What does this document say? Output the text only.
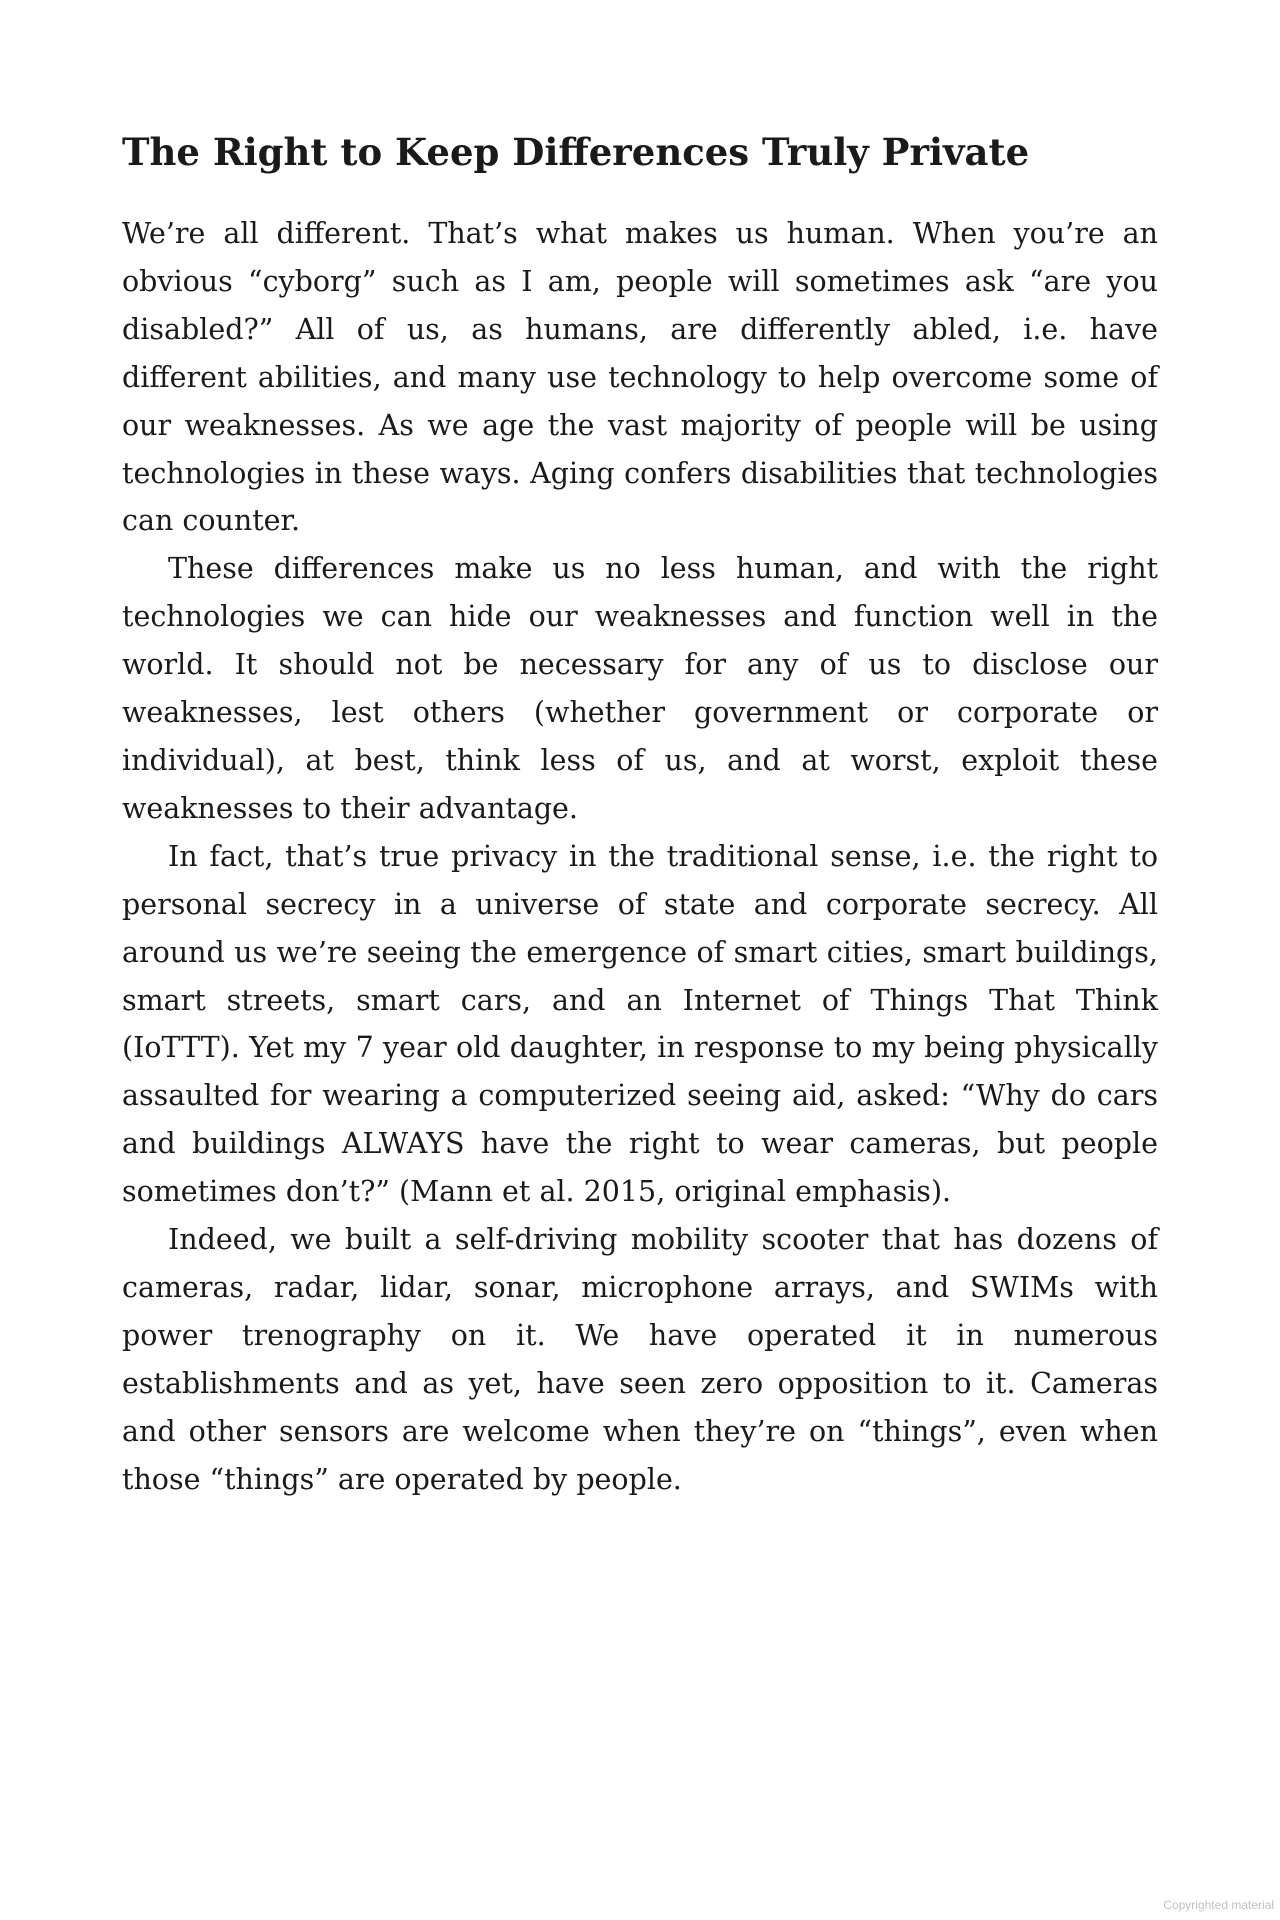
The Right to Keep Differences Truly Private

We’re all different. That’s what makes us human. When you’re an obvious “cyborg” such as I am, people will sometimes ask “are you disabled?” All of us, as humans, are differently abled, i.e. have different abilities, and many use technology to help overcome some of our weaknesses. As we age the vast majority of people will be using technologies in these ways. Aging confers disabilities that technologies can counter.

These differences make us no less human, and with the right technologies we can hide our weaknesses and function well in the world. It should not be necessary for any of us to disclose our weaknesses, lest others (whether government or corporate or individual), at best, think less of us, and at worst, exploit these weaknesses to their advantage.

In fact, that’s true privacy in the traditional sense, i.e. the right to personal secrecy in a universe of state and corporate secrecy. All around us we’re seeing the emergence of smart cities, smart buildings, smart streets, smart cars, and an Internet of Things That Think (IoTTT). Yet my 7 year old daughter, in response to my being physically assaulted for wearing a computerized seeing aid, asked: “Why do cars and buildings ALWAYS have the right to wear cameras, but people sometimes don’t?” (Mann et al. 2015, original emphasis).

Indeed, we built a self-driving mobility scooter that has dozens of cameras, radar, lidar, sonar, microphone arrays, and SWIMs with power trenography on it. We have operated it in numerous establishments and as yet, have seen zero opposition to it. Cameras and other sensors are welcome when they’re on “things”, even when those “things” are operated by people.

Copyrighted material
